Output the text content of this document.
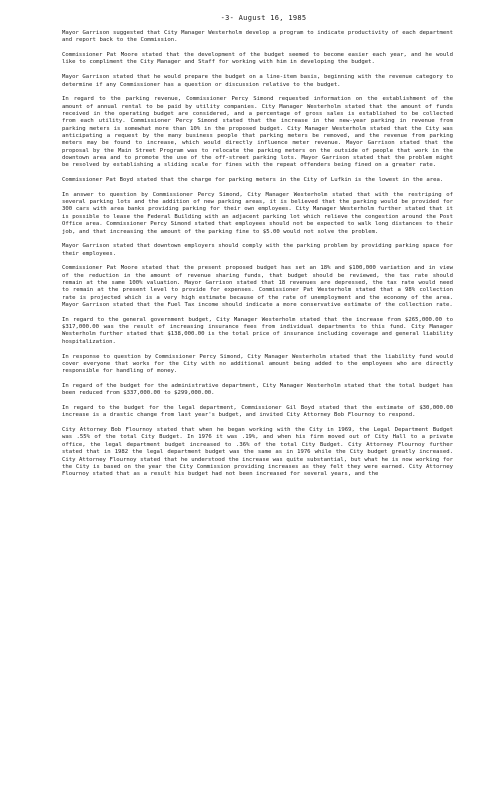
-3- August 16, 1985

Mayor Garrison suggested that City Manager Westerholm develop a program to indicate productivity of each department and report back to the Commission.

Commissioner Pat Moore stated that the development of the budget seemed to become easier each year, and he would like to compliment the City Manager and Staff for working with him in developing the budget.

Mayor Garrison stated that he would prepare the budget on a line-item basis, beginning with the revenue category to determine if any Commissioner has a question or discussion relative to the budget.

In regard to the parking revenue, Commissioner Percy Simond requested information on the establishment of the amount of annual rental to be paid by utility companies. City Manager Westerholm stated that the amount of funds received in the operating budget are considered, and a percentage of gross sales is established to be collected from each utility. Commissioner Percy Simond stated that the increase in the new-year parking in revenue from parking meters is somewhat more than 10% in the proposed budget. City Manager Westerholm stated that the City was anticipating a request by the many business people that parking meters be removed, and the revenue from parking meters may be found to increase, which would directly influence meter revenue. Mayor Garrison stated that the proposal by the Main Street Program was to relocate the parking meters on the outside of people that work in the downtown area and to promote the use of the off-street parking lots. Mayor Garrison stated that the problem might be resolved by establishing a sliding scale for fines with the repeat offenders being fined on a greater rate.

Commissioner Pat Boyd stated that the charge for parking meters in the City of Lufkin is the lowest in the area.

In answer to question by Commissioner Percy Simond, City Manager Westerholm stated that with the restriping of several parking lots and the addition of new parking areas, it is believed that the parking would be provided for 300 cars with area banks providing parking for their own employees. City Manager Westerholm further stated that it is possible to lease the Federal Building with an adjacent parking lot which relieve the congestion around the Post Office area. Commissioner Percy Simond stated that employees should not be expected to walk long distances to their job, and that increasing the amount of the parking fine to $5.00 would not solve the problem.

Mayor Garrison stated that downtown employers should comply with the parking problem by providing parking space for their employees.

Commissioner Pat Moore stated that the present proposed budget has set an 18% and $100,000 variation and in view of the reduction in the amount of revenue sharing funds, that budget should be reviewed, the tax rate should remain at the same 100% valuation. Mayor Garrison stated that 18 revenues are depressed, the tax rate would need to remain at the present level to provide for expenses. Commissioner Pat Westerholm stated that a 98% collection rate is projected which is a very high estimate because of the rate of unemployment and the economy of the area. Mayor Garrison stated that the Fuel Tax income should indicate a more conservative estimate of the collection rate.

In regard to the general government budget, City Manager Westerholm stated that the increase from $265,000.00 to $317,000.00 was the result of increasing insurance fees from individual departments to this fund. City Manager Westerholm further stated that $138,000.00 is the total price of insurance including coverage and general liability hospitalization.

In response to question by Commissioner Percy Simond, City Manager Westerholm stated that the liability fund would cover everyone that works for the City with no additional amount being added to the employees who are directly responsible for handling of money.

In regard of the budget for the administrative department, City Manager Westerholm stated that the total budget has been reduced from $337,000.00 to $299,000.00.

In regard to the budget for the legal department, Commissioner Gil Boyd stated that the estimate of $30,000.00 increase is a drastic change from last year's budget, and invited City Attorney Bob Flournoy to respond.

City Attorney Bob Flournoy stated that when he began working with the City in 1969, the Legal Department Budget was .55% of the total City Budget. In 1976 it was .19%, and when his firm moved out of City Hall to a private office, the legal department budget increased to .36% of the total City Budget. City Attorney Flournoy further stated that in 1982 the legal department budget was the same as in 1976 while the City budget greatly increased. City Attorney Flournoy stated that he understood the increase was quite substantial, but what he is now working for the City is based on the year the City Commission providing increases as they felt they were earned. City Attorney Flournoy stated that as a result his budget had not been increased for several years, and the
